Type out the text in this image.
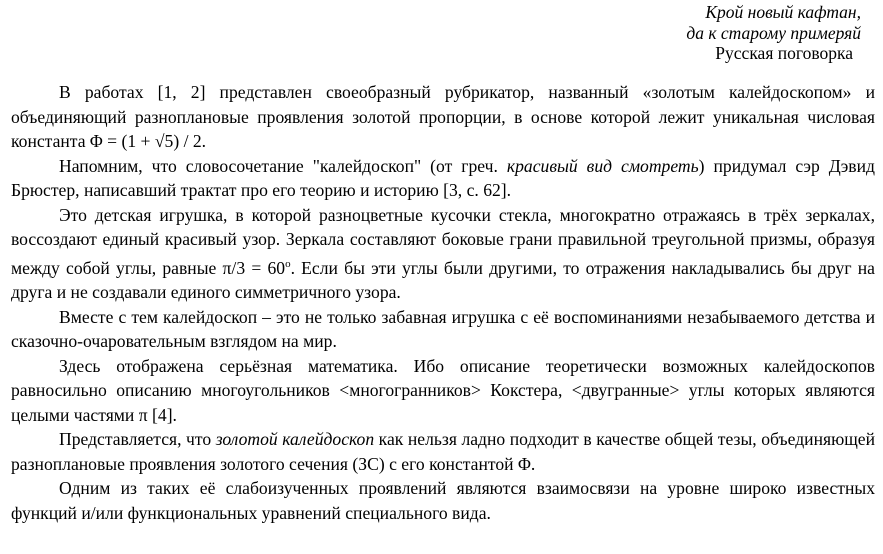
Крой новый кафтан,
да к старому примеряй
Русская поговорка

В работах [1, 2] представлен своеобразный рубрикатор, названный «золотым калейдоскопом» и объединяющий разноплановые проявления золотой пропорции, в основе которой лежит уникальная числовая константа Φ = (1 + √5) / 2.

Напомним, что словосочетание "калейдоскоп" (от греч. красивый вид смотреть) придумал сэр Дэвид Брюстер, написавший трактат про его теорию и историю [3, с. 62].

Это детская игрушка, в которой разноцветные кусочки стекла, многократно отражаясь в трёх зеркалах, воссоздают единый красивый узор. Зеркала составляют боковые грани правильной треугольной призмы, образуя между собой углы, равные $\pi/3 = 60^o$. Если бы эти углы были другими, то отражения накладывались бы друг на друга и не создавали единого симметричного узора.

Вместе с тем калейдоскоп – это не только забавная игрушка с её воспоминаниями незабываемого детства и сказочно-очаровательным взглядом на мир.

Здесь отображена серьёзная математика. Ибо описание теоретически возможных калейдоскопов равносильно описанию многоугольников <многогранников> Кокстера, <двугранные> углы которых являются целыми частями π [4].

Представляется, что золотой калейдоскоп как нельзя ладно подходит в качестве общей тезы, объединяющей разноплановые проявления золотого сечения (ЗС) с его константой Φ.

Одним из таких её слабоизученных проявлений являются взаимосвязи на уровне широко известных функций и/или функциональных уравнений специального вида.
